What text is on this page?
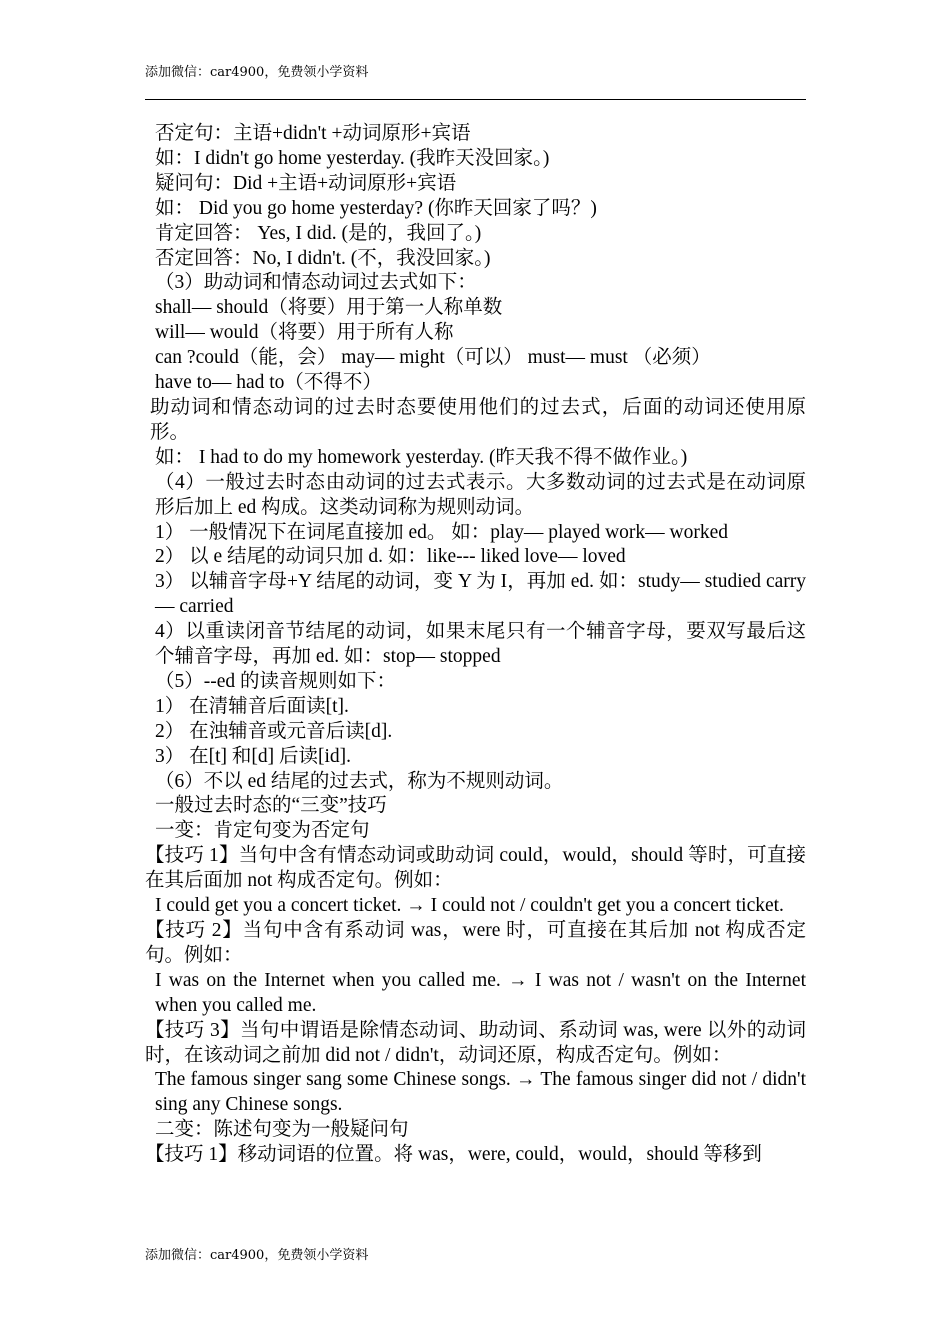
添加微信：car4900，免费领小学资料
否定句：主语+didn't +动词原形+宾语
如：I didn't go home yesterday. (我昨天没回家。)
疑问句：Did +主语+动词原形+宾语
如： Did you go home yesterday? (你昨天回家了吗？)
肯定回答： Yes, I did. (是的，我回了。)
否定回答：No, I didn't. (不，我没回家。)
（3）助动词和情态动词过去式如下：
shall— should（将要）用于第一人称单数
will— would（将要）用于所有人称
can ?could（能，会） may— might（可以） must— must （必须）
have to— had to（不得不）
助动词和情态动词的过去时态要使用他们的过去式，后面的动词还使用原形。
如： I had to do my homework yesterday. (昨天我不得不做作业。)
（4）一般过去时态由动词的过去式表示。大多数动词的过去式是在动词原形后加上 ed 构成。这类动词称为规则动词。
1） 一般情况下在词尾直接加 ed。 如：play— played work— worked
2） 以 e 结尾的动词只加 d. 如：like--- liked love— loved
3） 以辅音字母+Y 结尾的动词，变 Y 为 I，再加 ed. 如：study— studied carry— carried
4）以重读闭音节结尾的动词，如果末尾只有一个辅音字母，要双写最后这个辅音字母，再加 ed. 如：stop— stopped
（5）--ed 的读音规则如下：
1） 在清辅音后面读[t].
2） 在浊辅音或元音后读[d].
3） 在[t] 和[d] 后读[id].
（6）不以 ed 结尾的过去式，称为不规则动词。
一般过去时态的“三变”技巧
一变：肯定句变为否定句
【技巧 1】当句中含有情态动词或助动词 could，would，should 等时，可直接在其后面加 not 构成否定句。例如：
I could get you a concert ticket. → I could not / couldn't get you a concert ticket.
【技巧 2】当句中含有系动词 was，were 时，可直接在其后加 not 构成否定句。例如：
I was on the Internet when you called me. → I was not / wasn't on the Internet when you called me.
【技巧 3】当句中谓语是除情态动词、助动词、系动词 was, were 以外的动词时，在该动词之前加 did not / didn't，动词还原，构成否定句。例如：
The famous singer sang some Chinese songs. → The famous singer did not / didn't sing any Chinese songs.
二变：陈述句变为一般疑问句
【技巧 1】移动词语的位置。将 was，were, could，would，should 等移到
添加微信：car4900，免费领小学资料
